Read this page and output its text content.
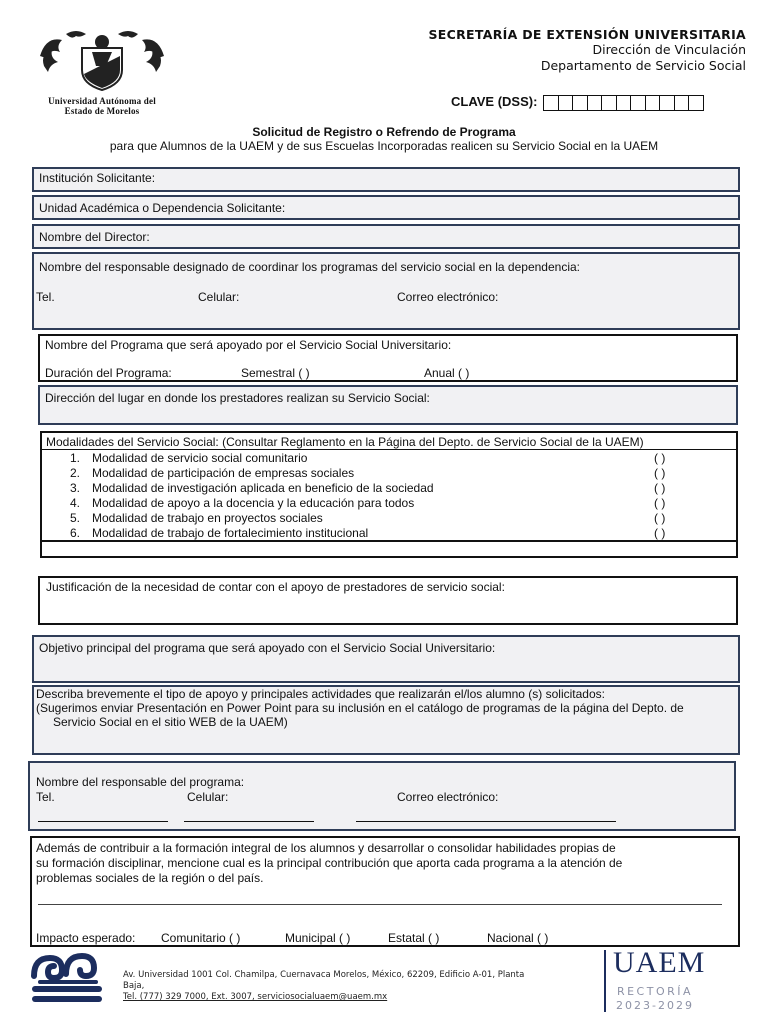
Universidad Autónoma del
Estado de Morelos
SECRETARÍA DE EXTENSIÓN UNIVERSITARIA
Dirección de Vinculación
Departamento de Servicio Social
CLAVE (DSS):
Solicitud de Registro o Refrendo de Programa
para que Alumnos de la UAEM y de sus Escuelas Incorporadas realicen su Servicio Social en la UAEM
Institución Solicitante:
Unidad Académica o Dependencia Solicitante:
Nombre del Director:
Nombre del responsable designado de coordinar los programas del servicio social en la dependencia:
Tel.	Celular:	Correo electrónico:
Nombre del Programa que será apoyado por el Servicio Social Universitario:
Duración del Programa:	Semestral ( )	Anual ( )
Dirección del lugar en donde los prestadores realizan su Servicio Social:
Modalidades del Servicio Social: (Consultar Reglamento en la Página del Depto. de Servicio Social de la UAEM)
1. Modalidad de servicio social comunitario	( )
2. Modalidad de participación de empresas sociales	( )
3. Modalidad de investigación aplicada en beneficio de la sociedad	( )
4. Modalidad de apoyo a la docencia y la educación para todos	( )
5. Modalidad de trabajo en proyectos sociales	( )
6. Modalidad de trabajo de fortalecimiento institucional	( )
Justificación de la necesidad de contar con el apoyo de prestadores de servicio social:
Objetivo principal del programa que será apoyado con el Servicio Social Universitario:
Describa brevemente el tipo de apoyo y principales actividades que realizarán el/los alumno (s) solicitados:
(Sugerimos enviar Presentación en Power Point para su inclusión en el catálogo de programas de la página del Depto. de
Servicio Social en el sitio WEB de la UAEM)
Nombre del responsable del programa:
Tel.	Celular:	Correo electrónico:
Además de contribuir a la formación integral de los alumnos y desarrollar o consolidar habilidades propias de
su formación disciplinar, mencione cual es la principal contribución que aporta cada programa a la atención de
problemas sociales de la región o del país.
Impacto esperado: Comunitario ( )	Municipal ( )	Estatal ( )	Nacional ( )
Av. Universidad 1001 Col. Chamilpa, Cuernavaca Morelos, México, 62209, Edificio A-01, Planta
Baja,
Tel. (777) 329 7000, Ext. 3007, serviciosocialuaem@uaem.mx
UAEM
RECTORÍA
2023-2029
